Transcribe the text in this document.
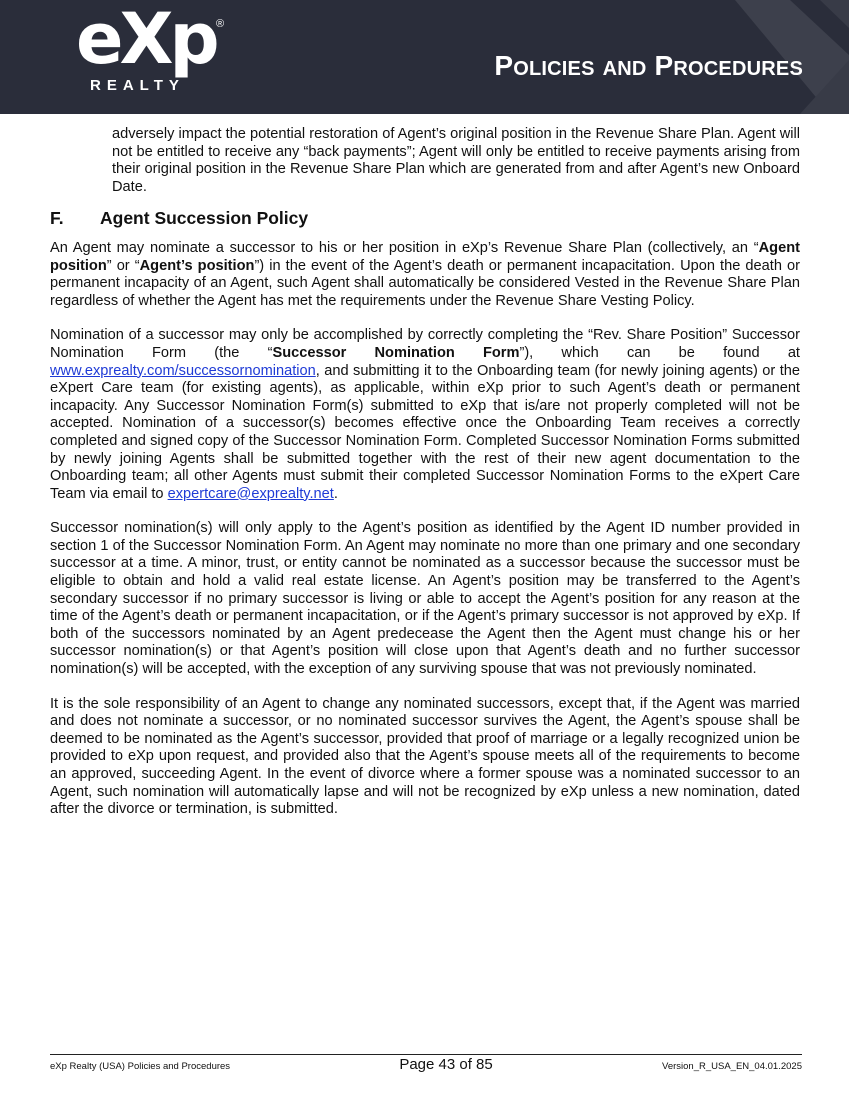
eXp
REALTY
®
Policies and Procedures

adversely impact the potential restoration of Agent’s original position in the Revenue Share Plan. Agent will not be entitled to receive any “back payments”; Agent will only be entitled to receive payments arising from their original position in the Revenue Share Plan which are generated from and after Agent’s new Onboard Date.

F.	Agent Succession Policy

An Agent may nominate a successor to his or her position in eXp’s Revenue Share Plan (collectively, an “Agent position” or “Agent’s position”) in the event of the Agent’s death or permanent incapacitation. Upon the death or permanent incapacity of an Agent, such Agent shall automatically be considered Vested in the Revenue Share Plan regardless of whether the Agent has met the requirements under the Revenue Share Vesting Policy.

Nomination of a successor may only be accomplished by correctly completing the “Rev. Share Position” Successor Nomination Form (the “Successor Nomination Form”), which can be found at www.exprealty.com/successornomination, and submitting it to the Onboarding team (for newly joining agents) or the eXpert Care team (for existing agents), as applicable, within eXp prior to such Agent’s death or permanent incapacity. Any Successor Nomination Form(s) submitted to eXp that is/are not properly completed will not be accepted. Nomination of a successor(s) becomes effective once the Onboarding Team receives a correctly completed and signed copy of the Successor Nomination Form. Completed Successor Nomination Forms submitted by newly joining Agents shall be submitted together with the rest of their new agent documentation to the Onboarding team; all other Agents must submit their completed Successor Nomination Forms to the eXpert Care Team via email to expertcare@exprealty.net.

Successor nomination(s) will only apply to the Agent’s position as identified by the Agent ID number provided in section 1 of the Successor Nomination Form. An Agent may nominate no more than one primary and one secondary successor at a time. A minor, trust, or entity cannot be nominated as a successor because the successor must be eligible to obtain and hold a valid real estate license. An Agent’s position may be transferred to the Agent’s secondary successor if no primary successor is living or able to accept the Agent’s position for any reason at the time of the Agent’s death or permanent incapacitation, or if the Agent’s primary successor is not approved by eXp. If both of the successors nominated by an Agent predecease the Agent then the Agent must change his or her successor nomination(s) or that Agent’s position will close upon that Agent’s death and no further successor nomination(s) will be accepted, with the exception of any surviving spouse that was not previously nominated.

It is the sole responsibility of an Agent to change any nominated successors, except that, if the Agent was married and does not nominate a successor, or no nominated successor survives the Agent, the Agent’s spouse shall be deemed to be nominated as the Agent’s successor, provided that proof of marriage or a legally recognized union be provided to eXp upon request, and provided also that the Agent’s spouse meets all of the requirements to become an approved, succeeding Agent. In the event of divorce where a former spouse was a nominated successor to an Agent, such nomination will automatically lapse and will not be recognized by eXp unless a new nomination, dated after the divorce or termination, is submitted.

eXp Realty (USA) Policies and Procedures	Page 43 of 85	Version_R_USA_EN_04.01.2025
